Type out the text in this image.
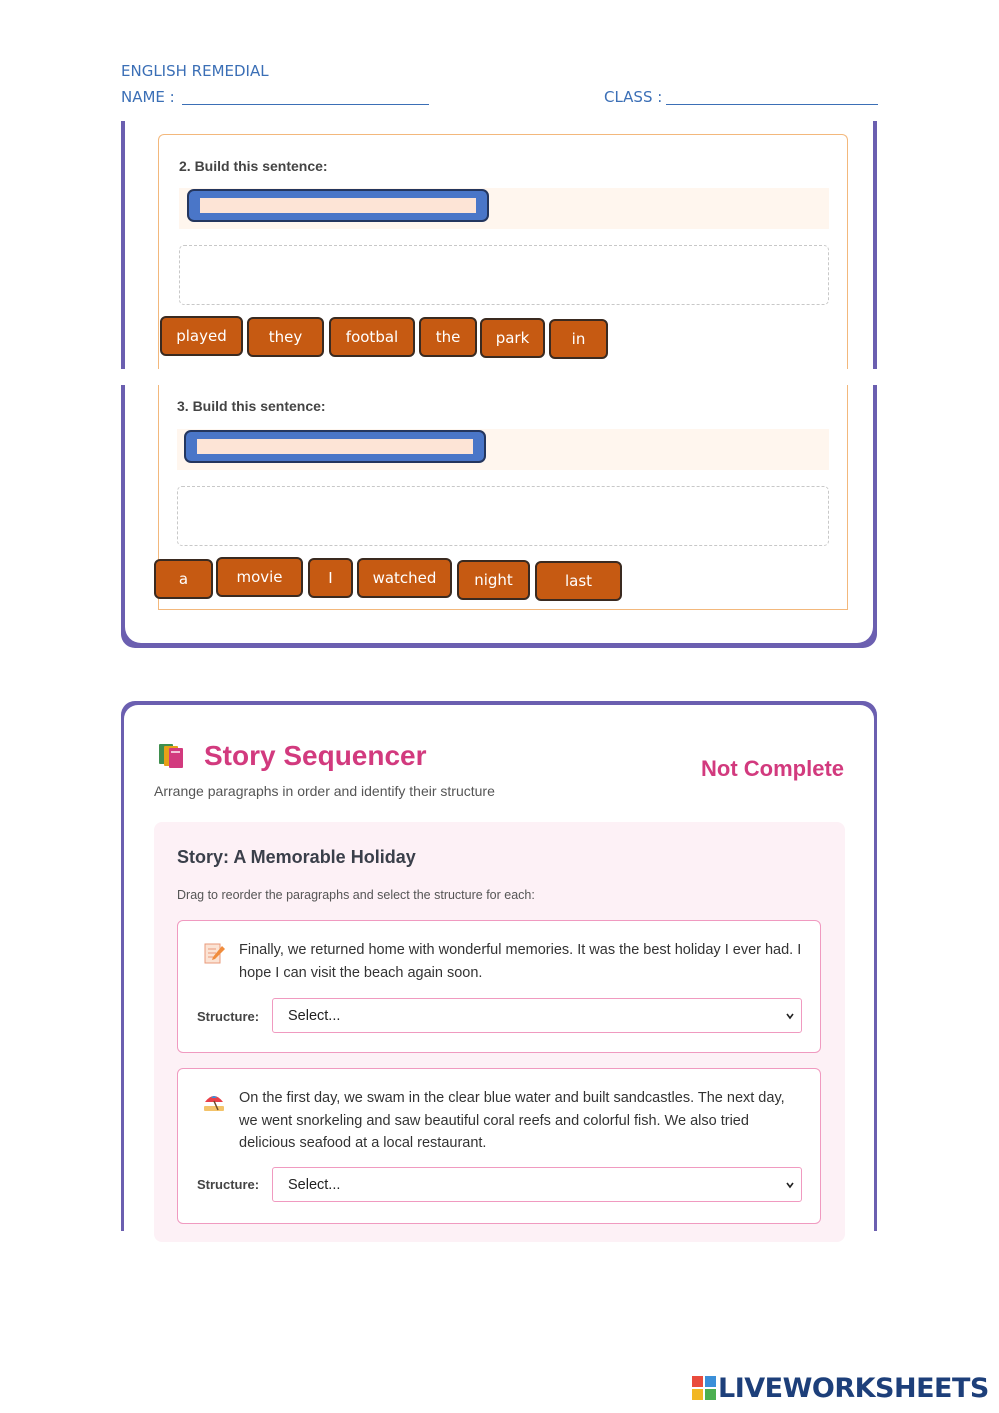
ENGLISH REMEDIAL
NAME :	CLASS :
2. Build this sentence:
3. Build this sentence:
played	they	footbal	the	park	in
a	movie	I	watched	night	last
Story Sequencer
Arrange paragraphs in order and identify their structure
Not Complete
Story: A Memorable Holiday
Drag to reorder the paragraphs and select the structure for each:
Finally, we returned home with wonderful memories. It was the best holiday I ever had. I hope I can visit the beach again soon.
Structure: Select...
On the first day, we swam in the clear blue water and built sandcastles. The next day, we went snorkeling and saw beautiful coral reefs and colorful fish. We also tried delicious seafood at a local restaurant.
Structure: Select...
LIVEWORKSHEETS
